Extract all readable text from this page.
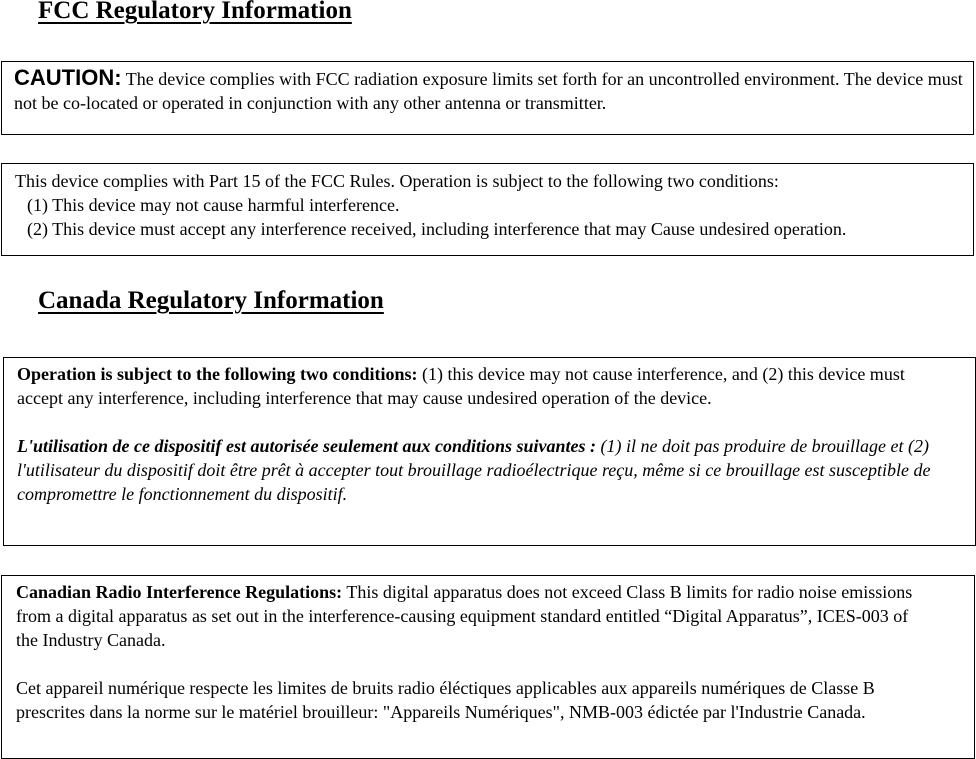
FCC Regulatory Information
CAUTION: The device complies with FCC radiation exposure limits set forth for an uncontrolled environment. The device must not be co-located or operated in conjunction with any other antenna or transmitter.
This device complies with Part 15 of the FCC Rules. Operation is subject to the following two conditions:
(1) This device may not cause harmful interference.
(2) This device must accept any interference received, including interference that may Cause undesired operation.
Canada Regulatory Information

Operation is subject to the following two conditions: (1) this device may not cause interference, and (2) this device must accept any interference, including interference that may cause undesired operation of the device.

L'utilisation de ce dispositif est autorisée seulement aux conditions suivantes : (1) il ne doit pas produire de brouillage et (2) l'utilisateur du dispositif doit être prêt à accepter tout brouillage radioélectrique reçu, même si ce brouillage est susceptible de compromettre le fonctionnement du dispositif.

Canadian Radio Interference Regulations: This digital apparatus does not exceed Class B limits for radio noise emissions from a digital apparatus as set out in the interference-causing equipment standard entitled “Digital Apparatus”, ICES-003 of the Industry Canada.

Cet appareil numérique respecte les limites de bruits radio éléctiques applicables aux appareils numériques de Classe B prescrites dans la norme sur le matériel brouilleur: "Appareils Numériques", NMB-003 édictée par l'Industrie Canada.
